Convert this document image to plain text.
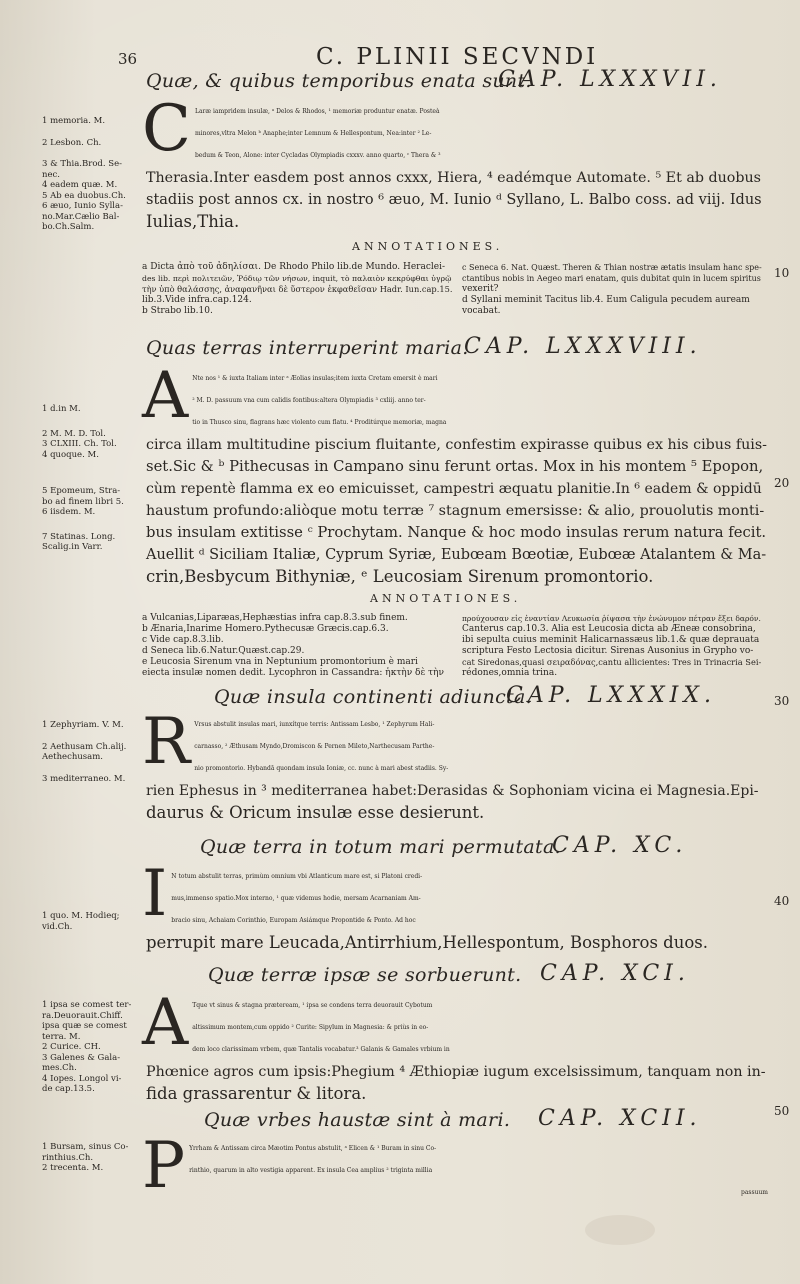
36	C. PLINII SECVNDI
Quæ, & quibus temporibus enata sunt.
CAP. LXXXVII.
1 memoria. M.
2 Lesbon. Ch.
3 & Thia.Brod. Se-
nec.
4 eadem quæ. M.
5 Ab ea duobus.Ch.
6 æuo, Iunio Sylla-
no.Mar.Cælio Bal-
bo.Ch.Salm.
C Laræ iampridem insulæ, ᵃ Delos & Rhodos, ¹ memoriæ produntur enatæ. Posteà
minores,vltra Melon ᵇ Anaphe;inter Lemnum & Hellespontum, Nea:inter ² Le-
bedum & Teon, Alone: inter Cycladas Olympiadis cxxxv. anno quarto, ᶜ Thera & ³
Therasia.Inter easdem post annos cxxx, Hiera, ⁴ eadémque Automate. ⁵ Et ab duobus
stadiis post annos cx. in nostro ⁶ æuo, M. Iunio ᵈ Syllano, L. Balbo coss. ad viij. Idus
Iulias,Thia.
ANNOTATIONES.
a Dicta ἀπὸ τοῦ ἀδηλίσαι. De Rhodo Philo lib.de Mundo. Heraclei-
des lib. περὶ πολιτειῶν, Ῥόδιῳ τῶν νήσων, inquit, τὸ παλαιὸν κεκρύφθαι ὑγρῷ
τὴν ὑπὸ θαλάσσης, ἀναφανῆναι δὲ ὕστερον ἐκφαθεῖσαν Hadr. Iun.cap.15.
lib.3.Vide infra.cap.124.
b Strabo lib.10.
c Seneca 6. Nat. Quæst. Theren & Thian nostræ ætatis insulam hanc spe-
ctantibus nobis in Aegeo mari enatam, quis dubitat quin in lucem spiritus
vexerit?
d Syllani meminit Tacitus lib.4. Eum Caligula pecudem auream
vocabat.
Quas terras interruperint maria.
CAP. LXXXVIII.
1 d.in M.
2 M. M. D. Tol.
3 CLXIII. Ch. Tol.
4 quoque. M.
5 Epomeum, Stra-
bo ad finem libri 5.
6 iisdem. M.
7 Statinas. Long.
Scalig.in Varr.
A Nte nos ¹ & iuxta Italiam inter ᵃ Æolias insulas;item iuxta Cretam emersit è mari
² M. D. passuum vna cum calidis fontibus:altera Olympiadis ³ cxliij. anno ter-
tio in Thusco sinu, flagrans hæc violento cum flatu. ⁴ Proditúrque memoriæ, magna
circa illam multitudine piscium fluitante, confestim expirasse quibus ex his cibus fuis-
set.Sic & ᵇ Pithecusas in Campano sinu ferunt ortas. Mox in his montem ⁵ Epopon,
cùm repentè flamma ex eo emicuisset, campestri æquatu planitie.In ⁶ eadem & oppidū
haustum profundo:aliòque motu terræ ⁷ stagnum emersisse: & alio, prouolutis monti-
bus insulam extitisse ᶜ Prochytam. Nanque & hoc modo insulas rerum natura fecit.
Auellit ᵈ Siciliam Italiæ, Cyprum Syriæ, Eubœam Bœotiæ, Eubœæ Atalantem & Ma-
crin,Besbycum Bithyniæ, ᵉ Leucosiam Sirenum promontorio.
ANNOTATIONES.
a Vulcanias,Liparæas,Hephæstias infra cap.8.3.sub finem.
b Ænaria,Inarime Homero.Pythecusæ Græcis.cap.6.3.
c Vide cap.8.3.lib.
d Seneca lib.6.Natur.Quæst.cap.29.
e Leucosia Sirenum vna in Neptunium promontorium è mari
eiecta insulæ nomen dedit. Lycophron in Cassandra: ἡκτὴν δὲ τὴν
προύχουσαν εἰς ἐναντίαν Λευκωσία ῥίψασα τὴν ἐνώνυμον πέτραν ἕξει δαρόν.
Canterus cap.10.3. Alia est Leucosia dicta ab Æneæ consobrina,
ibi sepulta cuius meminit Halicarnassæus lib.1.& quæ deprauata
scriptura Festo Lectosia dicitur. Sirenas Ausonius in Grypho vo-
cat Siredonas,quasi σειραδόνας,cantu allicientes: Tres in Trinacria Sei-
rédones,omnia trina.
Quæ insula continenti adiuncta.
CAP. LXXXIX.
1 Zephyriam. V. M.
2 Aethusam Ch.alij.
Aethechusam.
3 mediterraneo. M. R Vrsus abstulit insulas mari, iunxítque terris: Antissam Lesbo, ¹ Zephyrum Hali-
carnasso, ² Æthusam Myndo,Dromiscon & Pernen Mileto,Narthecusam Parthe-
nio promontorio. Hybandā quondam insula Ioniæ, cc. nunc à mari abest stadiis. Sy-
rien Ephesus in ³ mediterranea habet:Derasidas & Sophoniam vicina ei Magnesia.Epi-
daurus & Oricum insulæ esse desierunt.
Quæ terra in totum mari permutata.
CAP. XC.
1 quo. M. Hodieq;
vid.Ch.	I N totum abstulit terras, primùm omnium vbi Atlanticum mare est, si Platoni credi-
mus,immenso spatio.Mox interno, ¹ quæ videmus hodie, mersam Acarnaniam Am-
bracio sinu, Achaiam Corinthio, Europam Asiámque Propontide & Ponto. Ad hoc
perrupit mare Leucada,Antirrhium,Hellespontum, Bosphoros duos.
Quæ terræ ipsæ se sorbuerunt. CAP. XCI.
1 ipsa se comest ter-
ra.Deuorauit.Chiff.
ipsa quæ se comest
terra. M.
2 Curice. CH.
3 Galenes & Gala-
mes.Ch.
4 Iopes. Longol vi-
de cap.13.5.
A Tque vt sinus & stagna præteream, ¹ ipsa se condens terra deuorauit Cybotum
altissimum montem,cum oppido ² Curite: Sipylum in Magnesia: & priùs in eo-
dem loco clarissimam vrbem, quæ Tantalis vocabatur.³ Galanis & Gamales vrbium in
Phœnice agros cum ipsis:Phegium ⁴ Æthiopiæ iugum excelsissimum, tanquam non in-
fida grassarentur & litora.
Quæ vrbes haustæ sint à mari. CAP. XCII.
1 Bursam, sinus Co-
rinthius.Ch.
2 trecenta. M. P Yrrham & Antissam circa Mæotim Pontus abstulit, ᵃ Elicen & ¹ Buram in sinu Co-
rinthio, quarum in alto vestigia apparent. Ex insula Cea amplius ² triginta millia
passuum
10
20
30
40
50
